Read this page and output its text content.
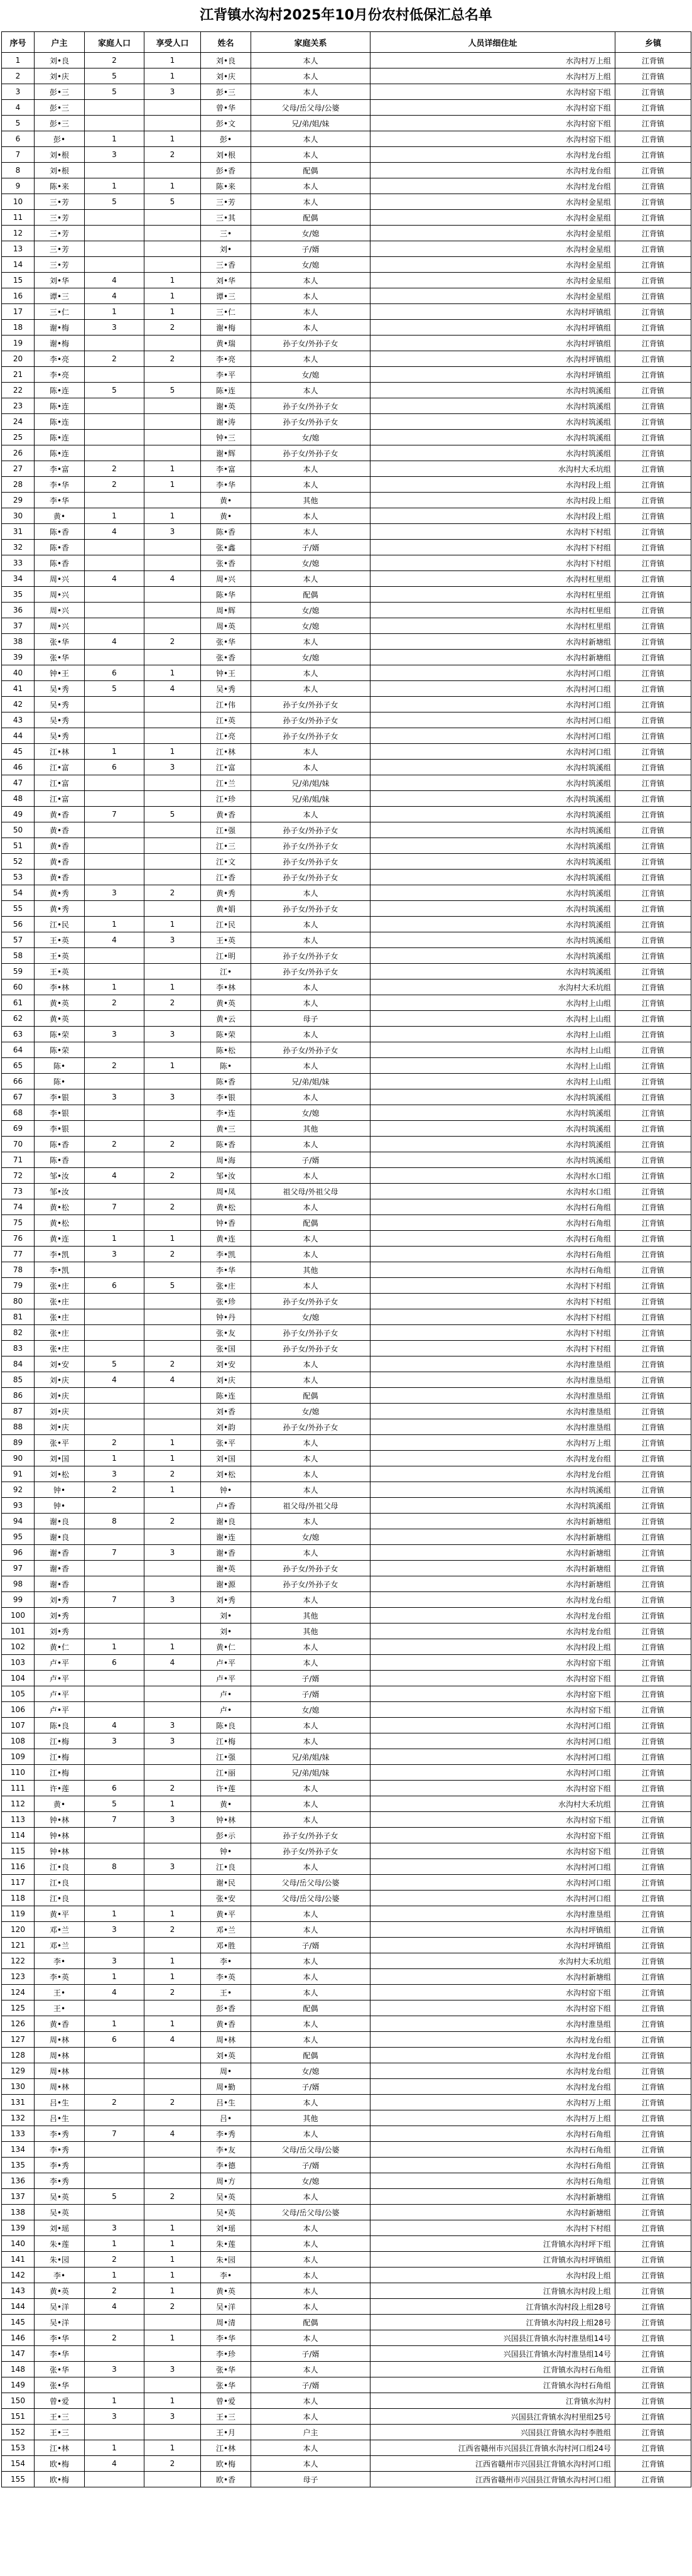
江背镇水沟村2025年10月份农村低保汇总名单
序号	户主	家庭人口	享受人口	姓名	家庭关系	人员详细住址	乡镇
1	刘•良	2	1	刘•良	本人	水沟村万上组	江背镇
2	刘•庆	5	1	刘•庆	本人	水沟村万上组	江背镇
3	彭•三	5	3	彭•三	本人	水沟村窑下组	江背镇
4	彭•三			曾•华	父母/岳父母/公婆	水沟村窑下组	江背镇
5	彭•三			彭•文	兄/弟/姐/妹	水沟村窑下组	江背镇
6	彭•	1	1	彭•	本人	水沟村窑下组	江背镇
7	刘•根	3	2	刘•根	本人	水沟村龙台组	江背镇
8	刘•根			彭•香	配偶	水沟村龙台组	江背镇
9	陈•来	1	1	陈•来	本人	水沟村龙台组	江背镇
10	三•芳	5	5	三•芳	本人	水沟村金星组	江背镇
11	三•芳			三•其	配偶	水沟村金星组	江背镇
12	三•芳			三•	女/媳	水沟村金星组	江背镇
13	三•芳			刘•	子/婿	水沟村金星组	江背镇
14	三•芳			三•香	女/媳	水沟村金星组	江背镇
15	刘•华	4	1	刘•华	本人	水沟村金星组	江背镇
16	谭•三	4	1	谭•三	本人	水沟村金星组	江背镇
17	三•仁	1	1	三•仁	本人	水沟村坪镇组	江背镇
18	谢•梅	3	2	谢•梅	本人	水沟村坪镇组	江背镇
19	谢•梅			黄•瑞	孙子女/外孙子女	水沟村坪镇组	江背镇
20	李•亮	2	2	李•亮	本人	水沟村坪镇组	江背镇
21	李•亮			李•平	女/媳	水沟村坪镇组	江背镇
22	陈•连	5	5	陈•连	本人	水沟村筑溪组	江背镇
23	陈•连			谢•英	孙子女/外孙子女	水沟村筑溪组	江背镇
24	陈•连			谢•涛	孙子女/外孙子女	水沟村筑溪组	江背镇
25	陈•连			钟•三	女/媳	水沟村筑溪组	江背镇
26	陈•连			谢•辉	孙子女/外孙子女	水沟村筑溪组	江背镇
27	李•富	2	1	李•富	本人	水沟村大禾坑组	江背镇
28	李•华	2	1	李•华	本人	水沟村段上组	江背镇
29	李•华			黄•	其他	水沟村段上组	江背镇
30	黄•	1	1	黄•	本人	水沟村段上组	江背镇
31	陈•香	4	3	陈•香	本人	水沟村下村组	江背镇
32	陈•香			张•鑫	子/婿	水沟村下村组	江背镇
33	陈•香			张•香	女/媳	水沟村下村组	江背镇
34	周•兴	4	4	周•兴	本人	水沟村杠里组	江背镇
35	周•兴			陈•华	配偶	水沟村杠里组	江背镇
36	周•兴			周•辉	女/媳	水沟村杠里组	江背镇
37	周•兴			周•英	女/媳	水沟村杠里组	江背镇
38	张•华	4	2	张•华	本人	水沟村新塘组	江背镇
39	张•华			张•香	女/媳	水沟村新塘组	江背镇
40	钟•王	6	1	钟•王	本人	水沟村河口组	江背镇
41	吴•秀	5	4	吴•秀	本人	水沟村河口组	江背镇
42	吴•秀			江•伟	孙子女/外孙子女	水沟村河口组	江背镇
43	吴•秀			江•英	孙子女/外孙子女	水沟村河口组	江背镇
44	吴•秀			江•亮	孙子女/外孙子女	水沟村河口组	江背镇
45	江•林	1	1	江•林	本人	水沟村河口组	江背镇
46	江•富	6	3	江•富	本人	水沟村筑溪组	江背镇
47	江•富			江•兰	兄/弟/姐/妹	水沟村筑溪组	江背镇
48	江•富			江•珍	兄/弟/姐/妹	水沟村筑溪组	江背镇
49	黄•香	7	5	黄•香	本人	水沟村筑溪组	江背镇
50	黄•香			江•强	孙子女/外孙子女	水沟村筑溪组	江背镇
51	黄•香			江•三	孙子女/外孙子女	水沟村筑溪组	江背镇
52	黄•香			江•文	孙子女/外孙子女	水沟村筑溪组	江背镇
53	黄•香			江•香	孙子女/外孙子女	水沟村筑溪组	江背镇
54	黄•秀	3	2	黄•秀	本人	水沟村筑溪组	江背镇
55	黄•秀			黄•娟	孙子女/外孙子女	水沟村筑溪组	江背镇
56	江•民	1	1	江•民	本人	水沟村筑溪组	江背镇
57	王•英	4	3	王•英	本人	水沟村筑溪组	江背镇
58	王•英			江•明	孙子女/外孙子女	水沟村筑溪组	江背镇
59	王•英			江•	孙子女/外孙子女	水沟村筑溪组	江背镇
60	李•林	1	1	李•林	本人	水沟村大禾坑组	江背镇
61	黄•英	2	2	黄•英	本人	水沟村上山组	江背镇
62	黄•英			黄•云	母子	水沟村上山组	江背镇
63	陈•荣	3	3	陈•荣	本人	水沟村上山组	江背镇
64	陈•荣			陈•松	孙子女/外孙子女	水沟村上山组	江背镇
65	陈•	2	1	陈•	本人	水沟村上山组	江背镇
66	陈•			陈•香	兄/弟/姐/妹	水沟村上山组	江背镇
67	李•银	3	3	李•银	本人	水沟村筑溪组	江背镇
68	李•银			李•连	女/媳	水沟村筑溪组	江背镇
69	李•银			黄•三	其他	水沟村筑溪组	江背镇
70	陈•香	2	2	陈•香	本人	水沟村筑溪组	江背镇
71	陈•香			周•海	子/婿	水沟村筑溪组	江背镇
72	邹•汝	4	2	邹•汝	本人	水沟村水口组	江背镇
73	邹•汝			周•凤	祖父母/外祖父母	水沟村水口组	江背镇
74	黄•松	7	2	黄•松	本人	水沟村石角组	江背镇
75	黄•松			钟•香	配偶	水沟村石角组	江背镇
76	黄•连	1	1	黄•连	本人	水沟村石角组	江背镇
77	李•凯	3	2	李•凯	本人	水沟村石角组	江背镇
78	李•凯			李•华	其他	水沟村石角组	江背镇
79	张•庄	6	5	张•庄	本人	水沟村下村组	江背镇
80	张•庄			张•珍	孙子女/外孙子女	水沟村下村组	江背镇
81	张•庄			钟•丹	女/媳	水沟村下村组	江背镇
82	张•庄			张•友	孙子女/外孙子女	水沟村下村组	江背镇
83	张•庄			张•国	孙子女/外孙子女	水沟村下村组	江背镇
84	刘•安	5	2	刘•安	本人	水沟村淮垦组	江背镇
85	刘•庆	4	4	刘•庆	本人	水沟村淮垦组	江背镇
86	刘•庆			陈•连	配偶	水沟村淮垦组	江背镇
87	刘•庆			刘•香	女/媳	水沟村淮垦组	江背镇
88	刘•庆			刘•韵	孙子女/外孙子女	水沟村淮垦组	江背镇
89	张•平	2	1	张•平	本人	水沟村万上组	江背镇
90	刘•国	1	1	刘•国	本人	水沟村龙台组	江背镇
91	刘•松	3	2	刘•松	本人	水沟村龙台组	江背镇
92	钟•	2	1	钟•	本人	水沟村筑溪组	江背镇
93	钟•			卢•香	祖父母/外祖父母	水沟村筑溪组	江背镇
94	谢•良	8	2	谢•良	本人	水沟村新塘组	江背镇
95	谢•良			谢•连	女/媳	水沟村新塘组	江背镇
96	谢•香	7	3	谢•香	本人	水沟村新塘组	江背镇
97	谢•香			谢•英	孙子女/外孙子女	水沟村新塘组	江背镇
98	谢•香			谢•源	孙子女/外孙子女	水沟村新塘组	江背镇
99	刘•秀	7	3	刘•秀	本人	水沟村龙台组	江背镇
100	刘•秀			刘•	其他	水沟村龙台组	江背镇
101	刘•秀			刘•	其他	水沟村龙台组	江背镇
102	黄•仁	1	1	黄•仁	本人	水沟村段上组	江背镇
103	卢•平	6	4	卢•平	本人	水沟村窑下组	江背镇
104	卢•平			卢•平	子/婿	水沟村窑下组	江背镇
105	卢•平			卢•	子/婿	水沟村窑下组	江背镇
106	卢•平			卢•	女/媳	水沟村窑下组	江背镇
107	陈•良	4	3	陈•良	本人	水沟村河口组	江背镇
108	江•梅	3	3	江•梅	本人	水沟村河口组	江背镇
109	江•梅			江•强	兄/弟/姐/妹	水沟村河口组	江背镇
110	江•梅			江•丽	兄/弟/姐/妹	水沟村河口组	江背镇
111	许•莲	6	2	许•莲	本人	水沟村窑下组	江背镇
112	黄•	5	1	黄•	本人	水沟村大禾坑组	江背镇
113	钟•林	7	3	钟•林	本人	水沟村窑下组	江背镇
114	钟•林			彭•示	孙子女/外孙子女	水沟村窑下组	江背镇
115	钟•林			钟•	孙子女/外孙子女	水沟村窑下组	江背镇
116	江•良	8	3	江•良	本人	水沟村河口组	江背镇
117	江•良			谢•民	父母/岳父母/公婆	水沟村河口组	江背镇
118	江•良			张•安	父母/岳父母/公婆	水沟村河口组	江背镇
119	黄•平	1	1	黄•平	本人	水沟村淮垦组	江背镇
120	邓•兰	3	2	邓•兰	本人	水沟村坪镇组	江背镇
121	邓•兰			邓•胜	子/婿	水沟村坪镇组	江背镇
122	李•	3	1	李•	本人	水沟村大禾坑组	江背镇
123	李•英	1	1	李•英	本人	水沟村新塘组	江背镇
124	王•	4	2	王•	本人	水沟村窑下组	江背镇
125	王•			彭•香	配偶	水沟村窑下组	江背镇
126	黄•香	1	1	黄•香	本人	水沟村淮垦组	江背镇
127	周•林	6	4	周•林	本人	水沟村龙台组	江背镇
128	周•林			刘•英	配偶	水沟村龙台组	江背镇
129	周•林			周•	女/媳	水沟村龙台组	江背镇
130	周•林			周•勤	子/婿	水沟村龙台组	江背镇
131	吕•生	2	2	吕•生	本人	水沟村万上组	江背镇
132	吕•生			吕•	其他	水沟村万上组	江背镇
133	李•秀	7	4	李•秀	本人	水沟村石角组	江背镇
134	李•秀			李•友	父母/岳父母/公婆	水沟村石角组	江背镇
135	李•秀			李•德	子/婿	水沟村石角组	江背镇
136	李•秀			周•方	女/媳	水沟村石角组	江背镇
137	吴•英	5	2	吴•英	本人	水沟村新塘组	江背镇
138	吴•英			吴•英	父母/岳父母/公婆	水沟村新塘组	江背镇
139	刘•瑶	3	1	刘•瑶	本人	水沟村下村组	江背镇
140	朱•莲	1	1	朱•莲	本人	江背镇水沟村坪下组	江背镇
141	朱•园	2	1	朱•园	本人	江背镇水沟村坪镇组	江背镇
142	李•	1	1	李•	本人	水沟村段上组	江背镇
143	黄•英	2	1	黄•英	本人	江背镇水沟村段上组	江背镇
144	吴•洋	4	2	吴•洋	本人	江背镇水沟村段上组28号	江背镇
145	吴•洋			周•清	配偶	江背镇水沟村段上组28号	江背镇
146	李•华	2	1	李•华	本人	兴国县江背镇水沟村淮垦组14号	江背镇
147	李•华			李•珍	子/婿	兴国县江背镇水沟村淮垦组14号	江背镇
148	张•华	3	3	张•华	本人	江背镇水沟村石角组	江背镇
149	张•华			张•华	子/婿	江背镇水沟村石角组	江背镇
150	曾•爱	1	1	曾•爱	本人	江背镇水沟村	江背镇
151	王•三	3	3	王•三	本人	兴国县江背镇水沟村里组25号	江背镇
152	王•三			王•月	户主	兴国县江背镇水沟村李胜组	江背镇
153	江•林	1	1	江•林	本人	江西省赣州市兴国县江背镇水沟村河口组24号	江背镇
154	欧•梅	4	2	欧•梅	本人	江西省赣州市兴国县江背镇水沟村河口组	江背镇
155	欧•梅			欧•香	母子	江西省赣州市兴国县江背镇水沟村河口组	江背镇
